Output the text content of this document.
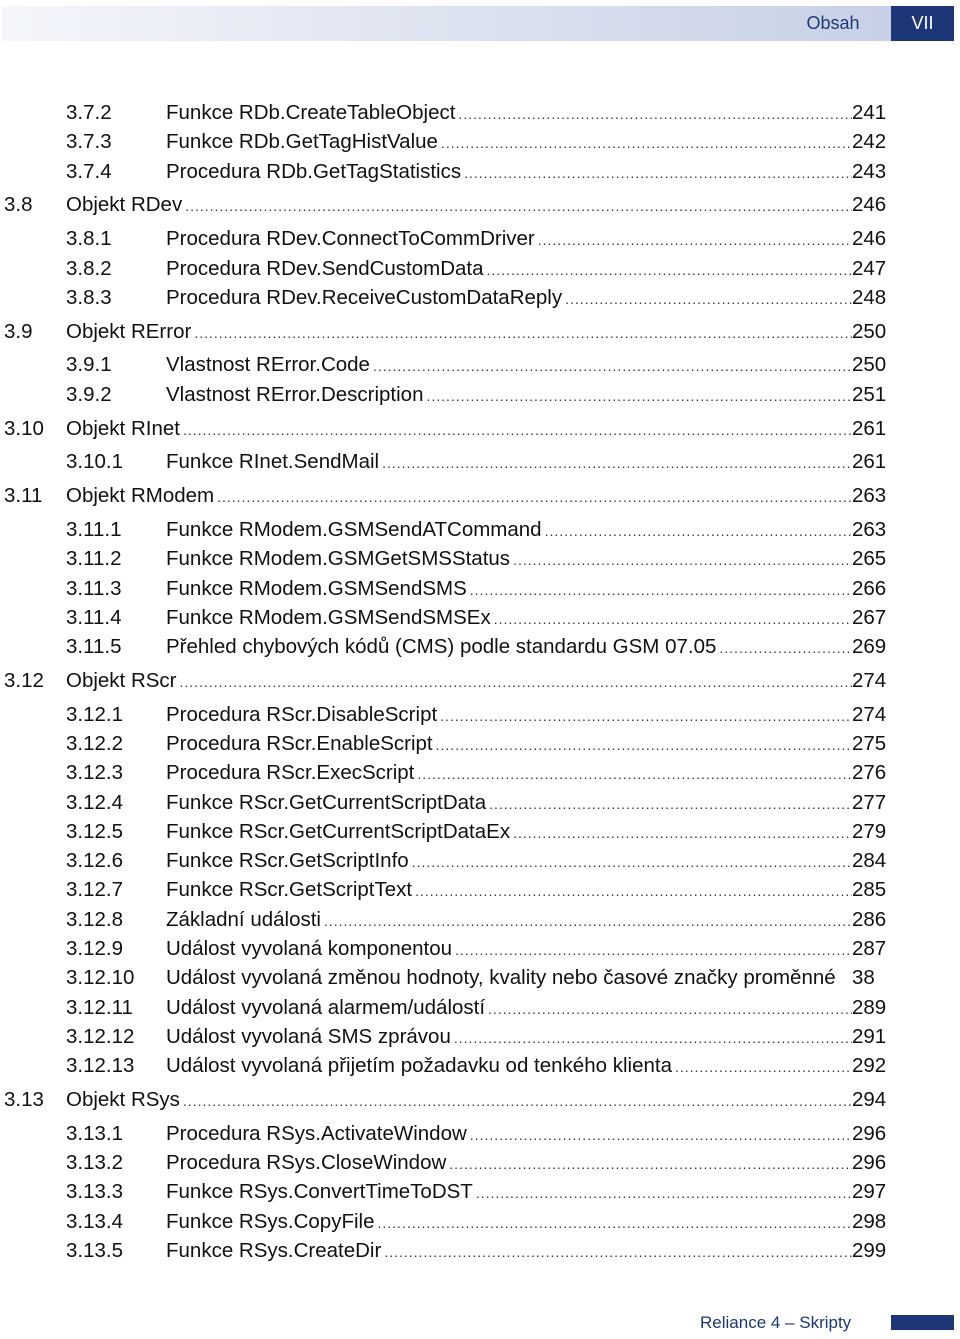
Obsah	VII
3.7.2	Funkce RDb.CreateTableObject .....	241
3.7.3	Funkce RDb.GetTagHistValue .....	242
3.7.4	Procedura RDb.GetTagStatistics .....	243
3.8 Objekt RDev .....	246
3.8.1	Procedura RDev.ConnectToCommDriver .....	246
3.8.2	Procedura RDev.SendCustomData .....	247
3.8.3	Procedura RDev.ReceiveCustomDataReply .....	248
3.9 Objekt RError .....	250
3.9.1	Vlastnost RError.Code .....	250
3.9.2	Vlastnost RError.Description .....	251
3.10 Objekt RInet .....	261
3.10.1 Funkce RInet.SendMail .....	261
3.11 Objekt RModem .....	263
3.11.1 Funkce RModem.GSMSendATCommand .....	263
3.11.2 Funkce RModem.GSMGetSMSStatus .....	265
3.11.3 Funkce RModem.GSMSendSMS .....	266
3.11.4 Funkce RModem.GSMSendSMSEx .....	267
3.11.5 Přehled chybových kódů (CMS) podle standardu GSM 07.05 .....	269
3.12 Objekt RScr .....	274
3.12.1 Procedura RScr.DisableScript .....	274
3.12.2 Procedura RScr.EnableScript .....	275
3.12.3 Procedura RScr.ExecScript .....	276
3.12.4 Funkce RScr.GetCurrentScriptData .....	277
3.12.5 Funkce RScr.GetCurrentScriptDataEx .....	279
3.12.6 Funkce RScr.GetScriptInfo .....	284
3.12.7 Funkce RScr.GetScriptText .....	285
3.12.8 Základní události .....	286
3.12.9 Událost vyvolaná komponentou .....	287
3.12.10 Událost vyvolaná změnou hodnoty, kvality nebo časové značky proměnné 38
3.12.11 Událost vyvolaná alarmem/událostí .....	289
3.12.12 Událost vyvolaná SMS zprávou .....	291
3.12.13 Událost vyvolaná přijetím požadavku od tenkého klienta .....	292
3.13 Objekt RSys .....	294
3.13.1 Procedura RSys.ActivateWindow .....	296
3.13.2 Procedura RSys.CloseWindow .....	296
3.13.3 Funkce RSys.ConvertTimeToDST .....	297
3.13.4 Funkce RSys.CopyFile .....	298
3.13.5 Funkce RSys.CreateDir .....	299
Reliance 4 – Skripty
